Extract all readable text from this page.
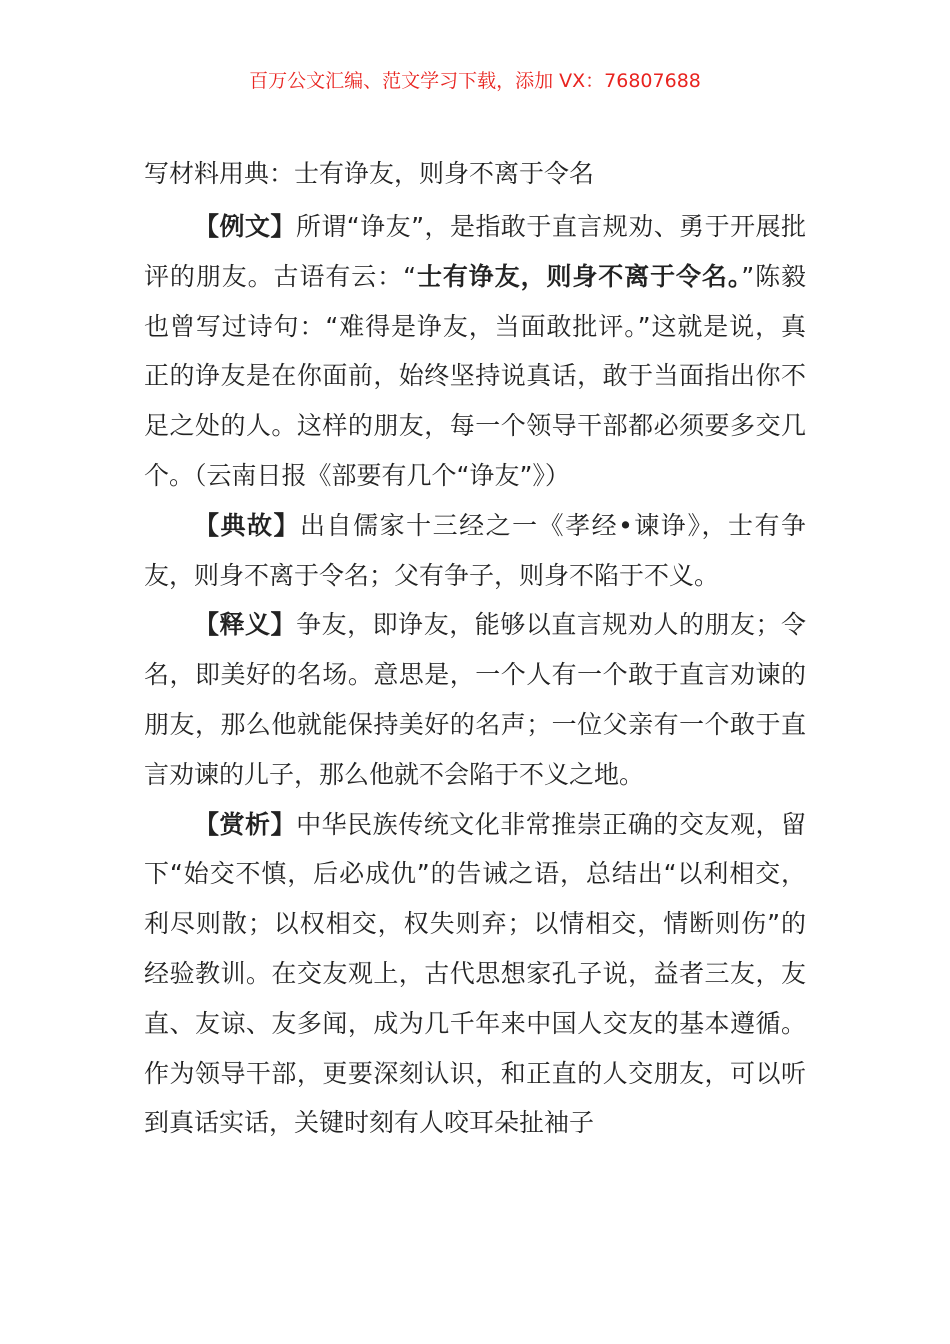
百万公文汇编、范文学习下载，添加 VX：76807688
写材料用典：士有诤友，则身不离于令名

【例文】所谓“诤友”，是指敢于直言规劝、勇于开展批评的朋友。古语有云：“士有诤友，则身不离于令名。”陈毅也曾写过诗句：“难得是诤友，当面敢批评。”这就是说，真正的诤友是在你面前，始终坚持说真话，敢于当面指出你不足之处的人。这样的朋友，每一个领导干部都必须要多交几个。（云南日报《部要有几个“诤友”》）

【典故】出自儒家十三经之一《孝经•谏诤》，士有争友，则身不离于令名；父有争子，则身不陷于不义。

【释义】争友，即诤友，能够以直言规劝人的朋友；令名，即美好的名场。意思是，一个人有一个敢于直言劝谏的朋友，那么他就能保持美好的名声；一位父亲有一个敢于直言劝谏的儿子，那么他就不会陷于不义之地。

【赏析】中华民族传统文化非常推崇正确的交友观，留下“始交不慎，后必成仇”的告诫之语，总结出“以利相交，利尽则散；以权相交，权失则弃；以情相交，情断则伤”的经验教训。在交友观上，古代思想家孔子说，益者三友，友直、友谅、友多闻，成为几千年来中国人交友的基本遵循。作为领导干部，更要深刻认识，和正直的人交朋友，可以听到真话实话，关键时刻有人咬耳朵扯袖子
